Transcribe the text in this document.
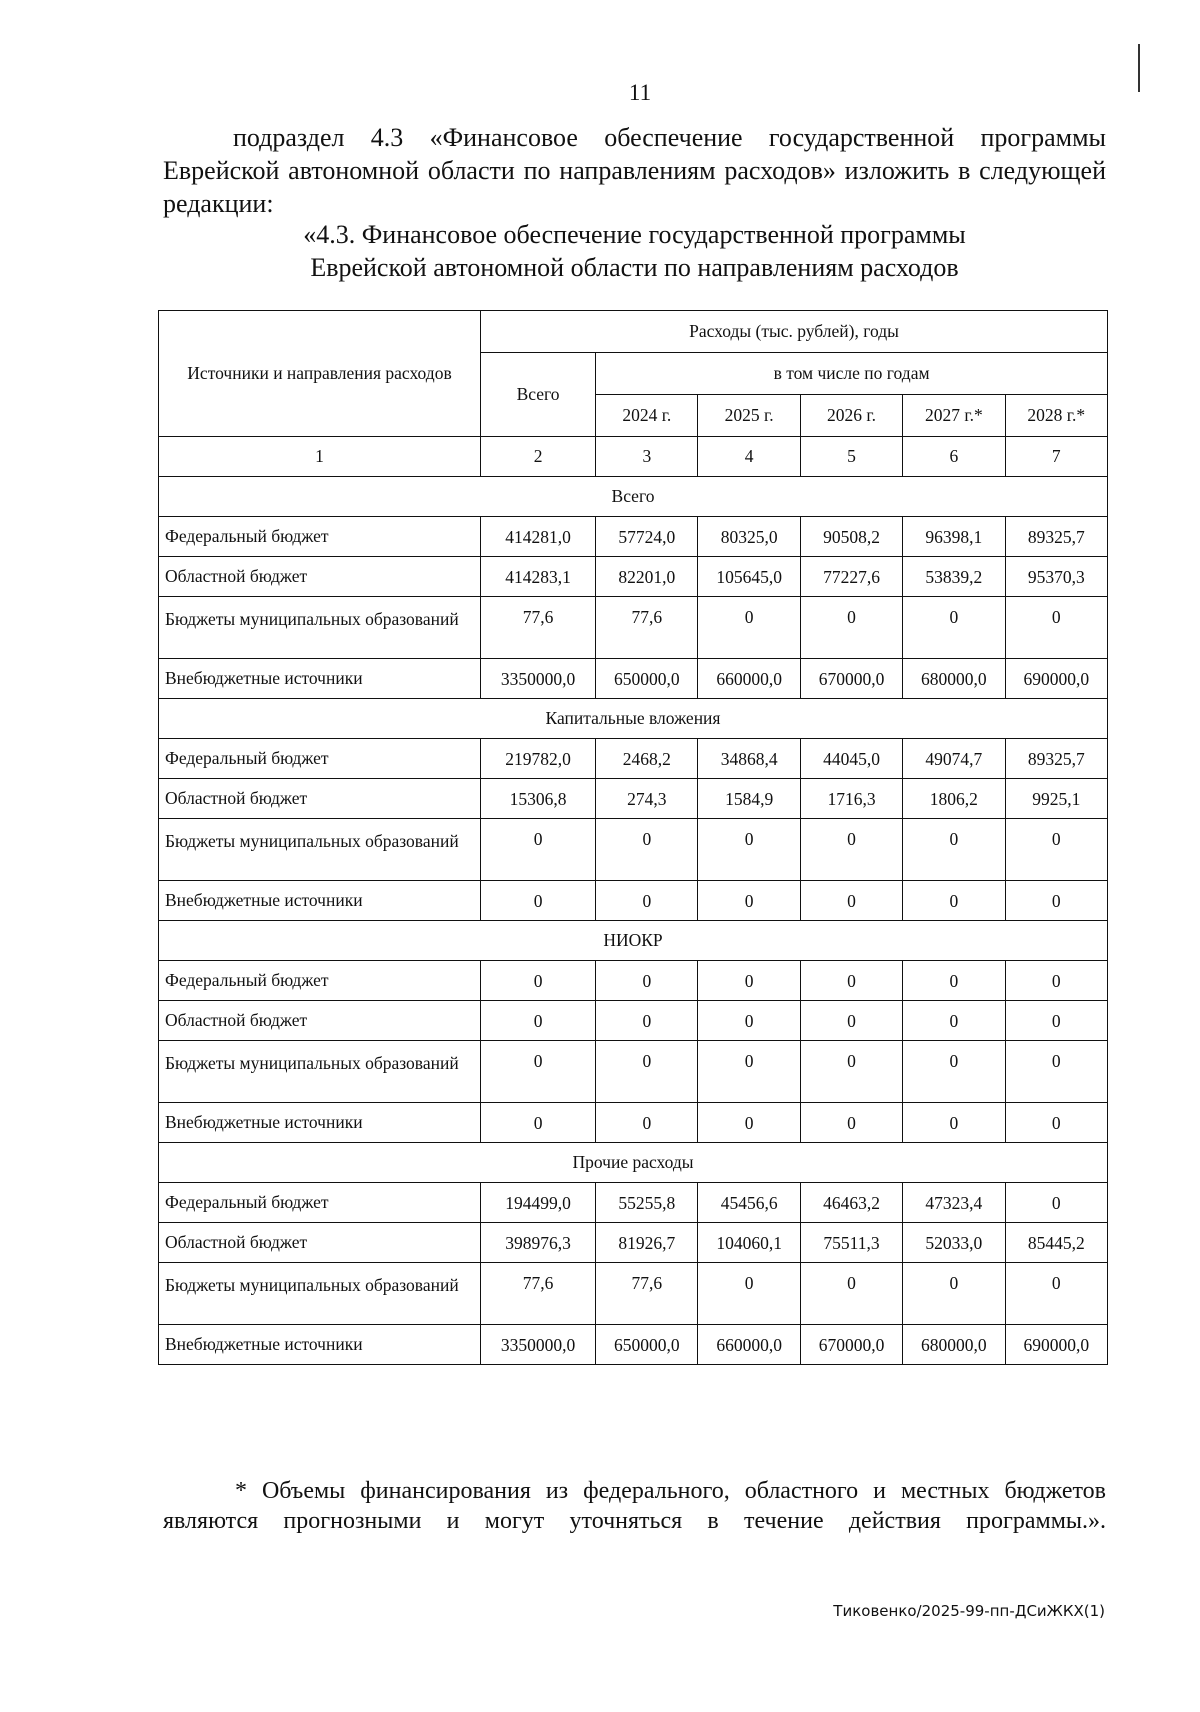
11

подраздел 4.3 «Финансовое обеспечение государственной программы Еврейской автономной области по направлениям расходов» изложить в следующей редакции:

«4.3. Финансовое обеспечение государственной программы
Еврейской автономной области по направлениям расходов
Источники и направления расходов	Расходы (тыс. рублей), годы					
	Всего	в том числе по годам				
		2024 г.	2025 г.	2026 г.	2027 г.*	2028 г.*
1	2	3	4	5	6	7
Всего						
Федеральный бюджет	414281,0	57724,0	80325,0	90508,2	96398,1	89325,7
Областной бюджет	414283,1	82201,0	105645,0	77227,6	53839,2	95370,3
Бюджеты муниципальных образований	77,6	77,6	0	0	0	0
Внебюджетные источники	3350000,0	650000,0	660000,0	670000,0	680000,0	690000,0
Капитальные вложения						
Федеральный бюджет	219782,0	2468,2	34868,4	44045,0	49074,7	89325,7
Областной бюджет	15306,8	274,3	1584,9	1716,3	1806,2	9925,1
Бюджеты муниципальных образований	0	0	0	0	0	0
Внебюджетные источники	0	0	0	0	0	0
НИОКР						
Федеральный бюджет	0	0	0	0	0	0
Областной бюджет	0	0	0	0	0	0
Бюджеты муниципальных образований	0	0	0	0	0	0
Внебюджетные источники	0	0	0	0	0	0
Прочие расходы						
Федеральный бюджет	194499,0	55255,8	45456,6	46463,2	47323,4	0
Областной бюджет	398976,3	81926,7	104060,1	75511,3	52033,0	85445,2
Бюджеты муниципальных образований	77,6	77,6	0	0	0	0
Внебюджетные источники	3350000,0	650000,0	660000,0	670000,0	680000,0	690000,0

* Объемы финансирования из федерального, областного и местных бюджетов

являются прогнозными и могут уточняться в течение действия программы.».

Тиковенко/2025-99-пп-ДСиЖКХ(1)
